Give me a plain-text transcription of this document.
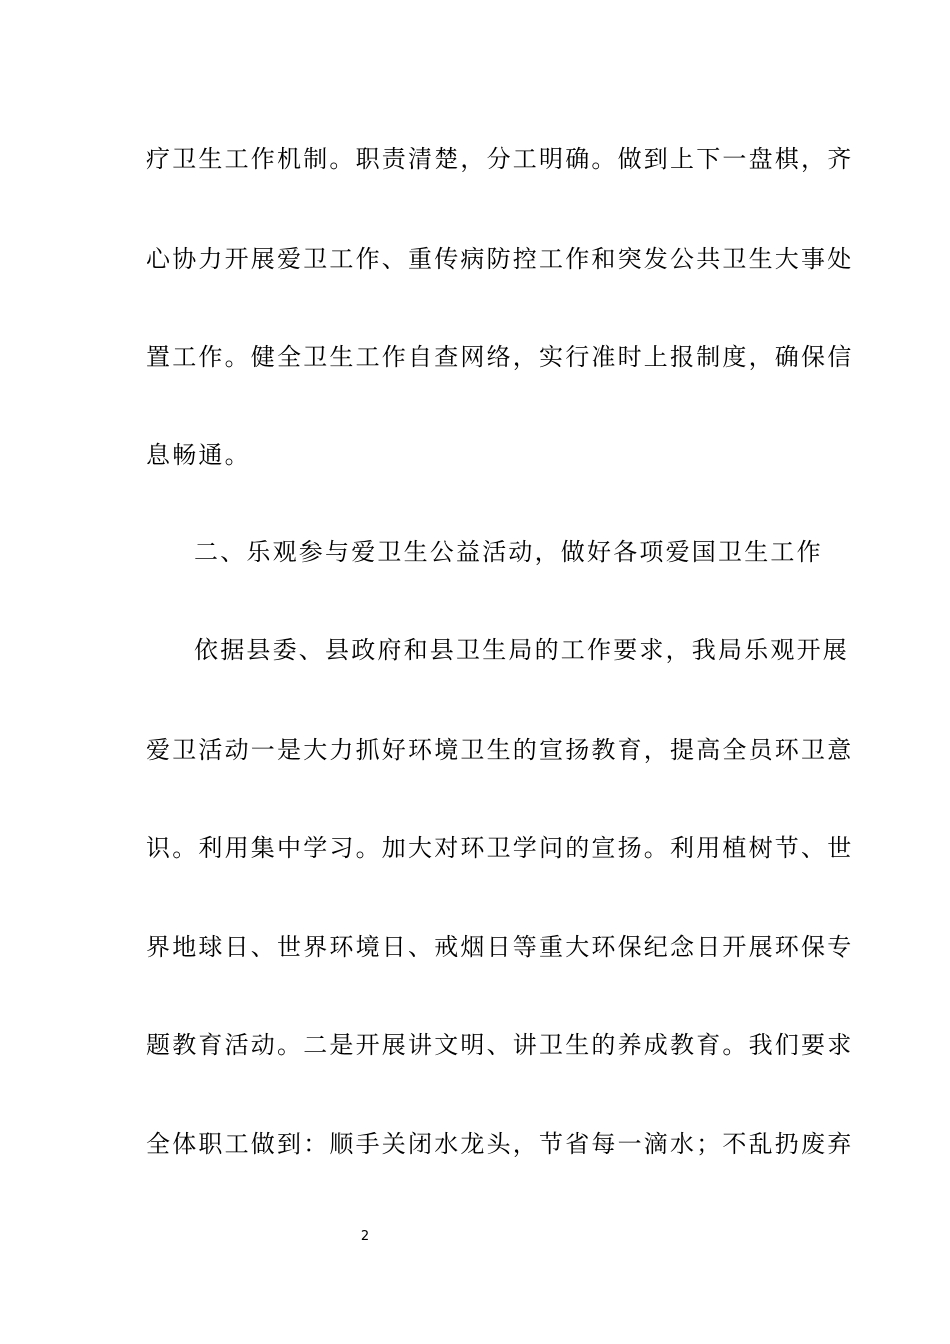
疗卫生工作机制。职责清楚，分工明确。做到上下一盘棋，齐
心协力开展爱卫工作、重传病防控工作和突发公共卫生大事处
置工作。健全卫生工作自查网络，实行准时上报制度，确保信
息畅通。
二、乐观参与爱卫生公益活动，做好各项爱国卫生工作
依据县委、县政府和县卫生局的工作要求，我局乐观开展
爱卫活动一是大力抓好环境卫生的宣扬教育，提高全员环卫意
识。利用集中学习。加大对环卫学问的宣扬。利用植树节、世
界地球日、世界环境日、戒烟日等重大环保纪念日开展环保专
题教育活动。二是开展讲文明、讲卫生的养成教育。我们要求
全体职工做到：顺手关闭水龙头，节省每一滴水；不乱扔废弃
2
